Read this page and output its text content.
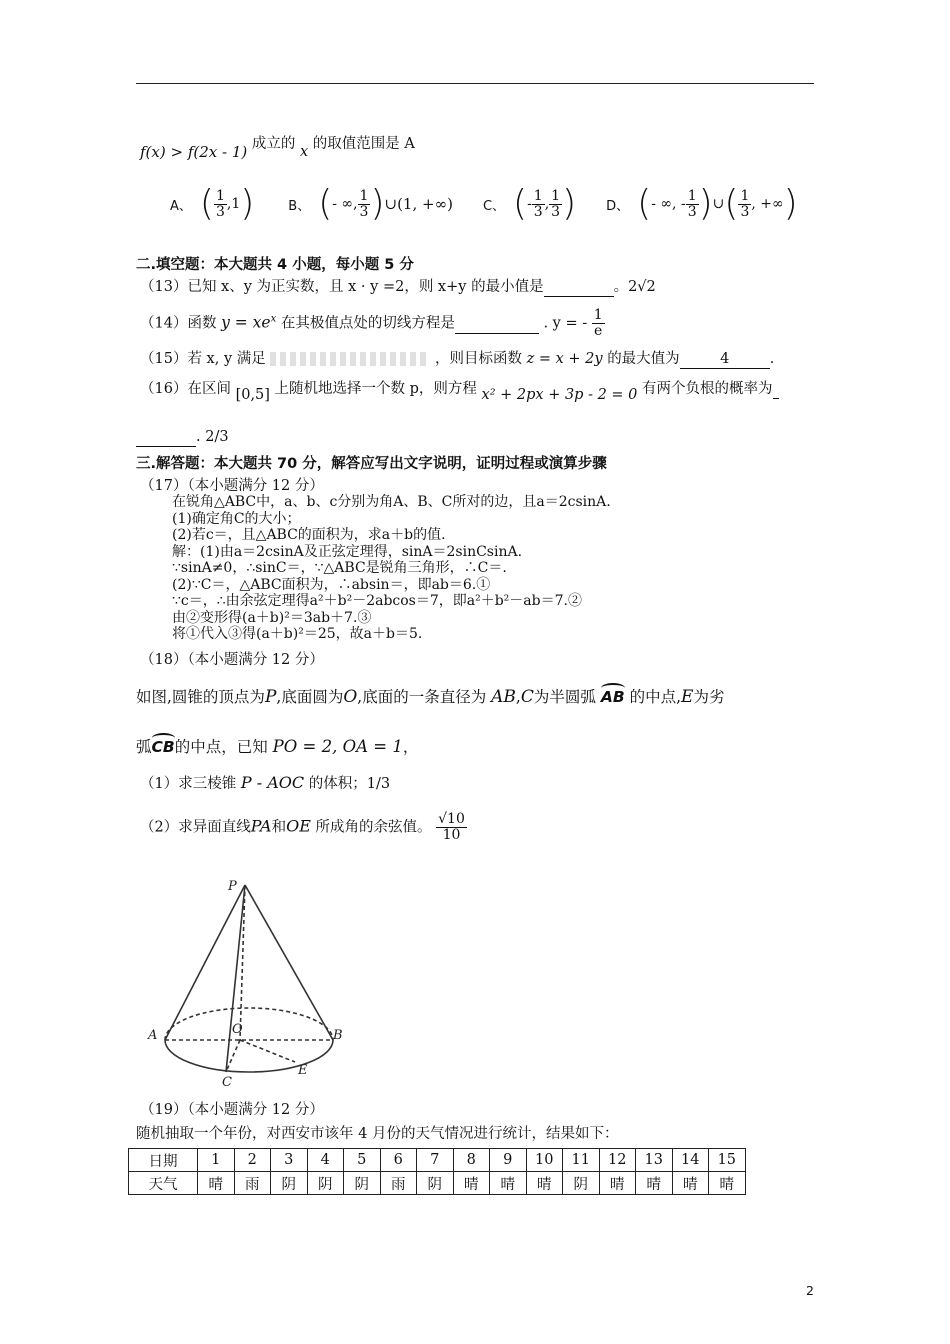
f(x) > f(2x - 1) 成立的 x 的取值范围是 A
A、 ( $\frac{1}{3} ,1$ )	B、 ( - ∞, $\frac{1}{3}$ ) ∪(1, +∞) C、 ( - $\frac{1}{3}$ , $\frac{1}{3}$ ) D、 ( - ∞, - $\frac{1}{3}$ ) ∪ ( $\frac{1}{3}$ , +∞ )
二.填空题：本大题共 4 小题，每小题 5 分
（13）已知 x、y 为正实数，且 x · y =2，则 x+y 的最小值是	。2√2
（14）函数 $y = xe^x$ 在其极值点处的切线方程是	. y = - $\frac{1}{e}$
（15）若 x, y 满足	，则目标函数 z = x + 2y 的最大值为	4	.
（16）在区间 [0,5] 上随机地选择一个数 p，则方程 x² + 2px + 3p - 2 = 0 有两个负根的概率为
. 2/3
三.解答题：本大题共 70 分，解答应写出文字说明，证明过程或演算步骤
（17）（本小题满分 12 分）
在锐角△ABC中，a、b、c分别为角A、B、C所对的边，且a＝2csinA.
(1)确定角C的大小；
(2)若c＝，且△ABC的面积为，求a＋b的值.
解：(1)由a＝2csinA及正弦定理得，sinA＝2sinCsinA.
∵sinA≠0，∴sinC＝，∵△ABC是锐角三角形，∴C＝.
(2)∵C＝，△ABC面积为，∴absin＝，即ab＝6.①
∵c＝，∴由余弦定理得a²＋b²－2abcos＝7，即a²＋b²－ab＝7.②
由②变形得(a＋b)²＝3ab＋7.③
将①代入③得(a＋b)²＝25，故a＋b＝5.
（18）（本小题满分 12 分）
如图,圆锥的顶点为P,底面圆为O,底面的一条直径为 AB,C为半圆弧 AB 的中点,E为劣
弧CB的中点，已知 PO = 2, OA = 1，
（1）求三棱锥 P - AOC 的体积；1/3
（2）求异面直线PA和OE 所成角的余弦值。 $\frac{√10}{10}$
P
A	O	B
C
E
（19）（本小题满分 12 分）
随机抽取一个年份，对西安市该年 4 月份的天气情况进行统计，结果如下：
日期	1	2	3	4	5	6	7	8	9	10	11	12	13	14	15
天气	晴	雨	阴	阴	阴	雨	阴	晴	晴	晴	阴	晴	晴	晴	晴
2
